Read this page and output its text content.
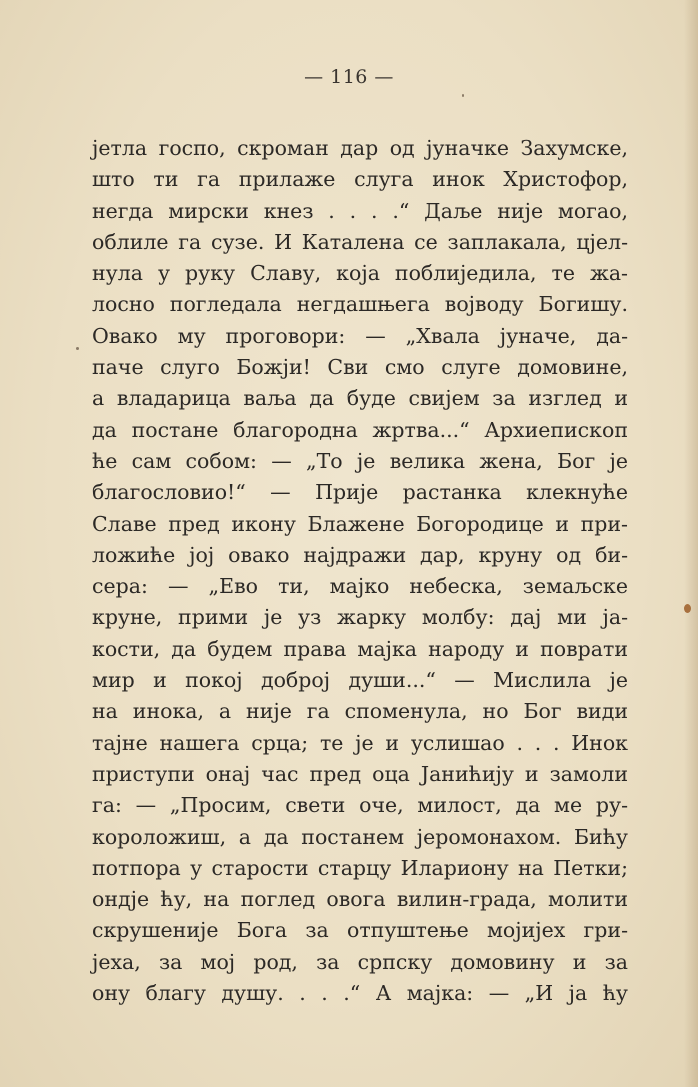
— 116 —
јетла госпо, скроман дар од јуначке Захумске,
што ти га прилаже слуга инок Христофор,
негда мирски кнез . . . .“ Даље није могао,
облиле га сузе. И Каталена се заплакала, цјел-
нула у руку Славу, која поблиједила, те жа-
лосно погледала негдашњега војводу Богишу.
Овако му проговори: — „Хвала јуначе, да-
паче слуго Божји! Сви смо слуге домовине,
а владарица ваља да буде свијем за изглед и
да постане благородна жртва...“ Архиепископ
ће сам собом: — „То је велика жена, Бог је
благословио!“ — Прије растанка клекнуће
Славе пред икону Блажене Богородице и при-
ложиће јој овако најдражи дар, круну од би-
сера: — „Ево ти, мајко небеска, земаљске
круне, прими је уз жарку молбу: дај ми ја-
кости, да будем права мајка народу и поврати
мир и покој доброј души...“ — Мислила је
на инока, а није га споменула, но Бог види
тајне нашега срца; те је и услишао . . . Инок
приступи онај час пред оца Јанићију и замоли
га: — „Просим, свети оче, милост, да ме ру-
кopoложиш, а да постанем јеромонахом. Бићу
потпора у старости старцу Илариону на Петки;
ондје ћу, на поглед овога вилин-града, молити
скрушеније Бога за отпуштење мојијех гри-
јеха, за мој род, за српску домовину и за
ону благу душу. . . .“ А мајка: — „И ја ћу
